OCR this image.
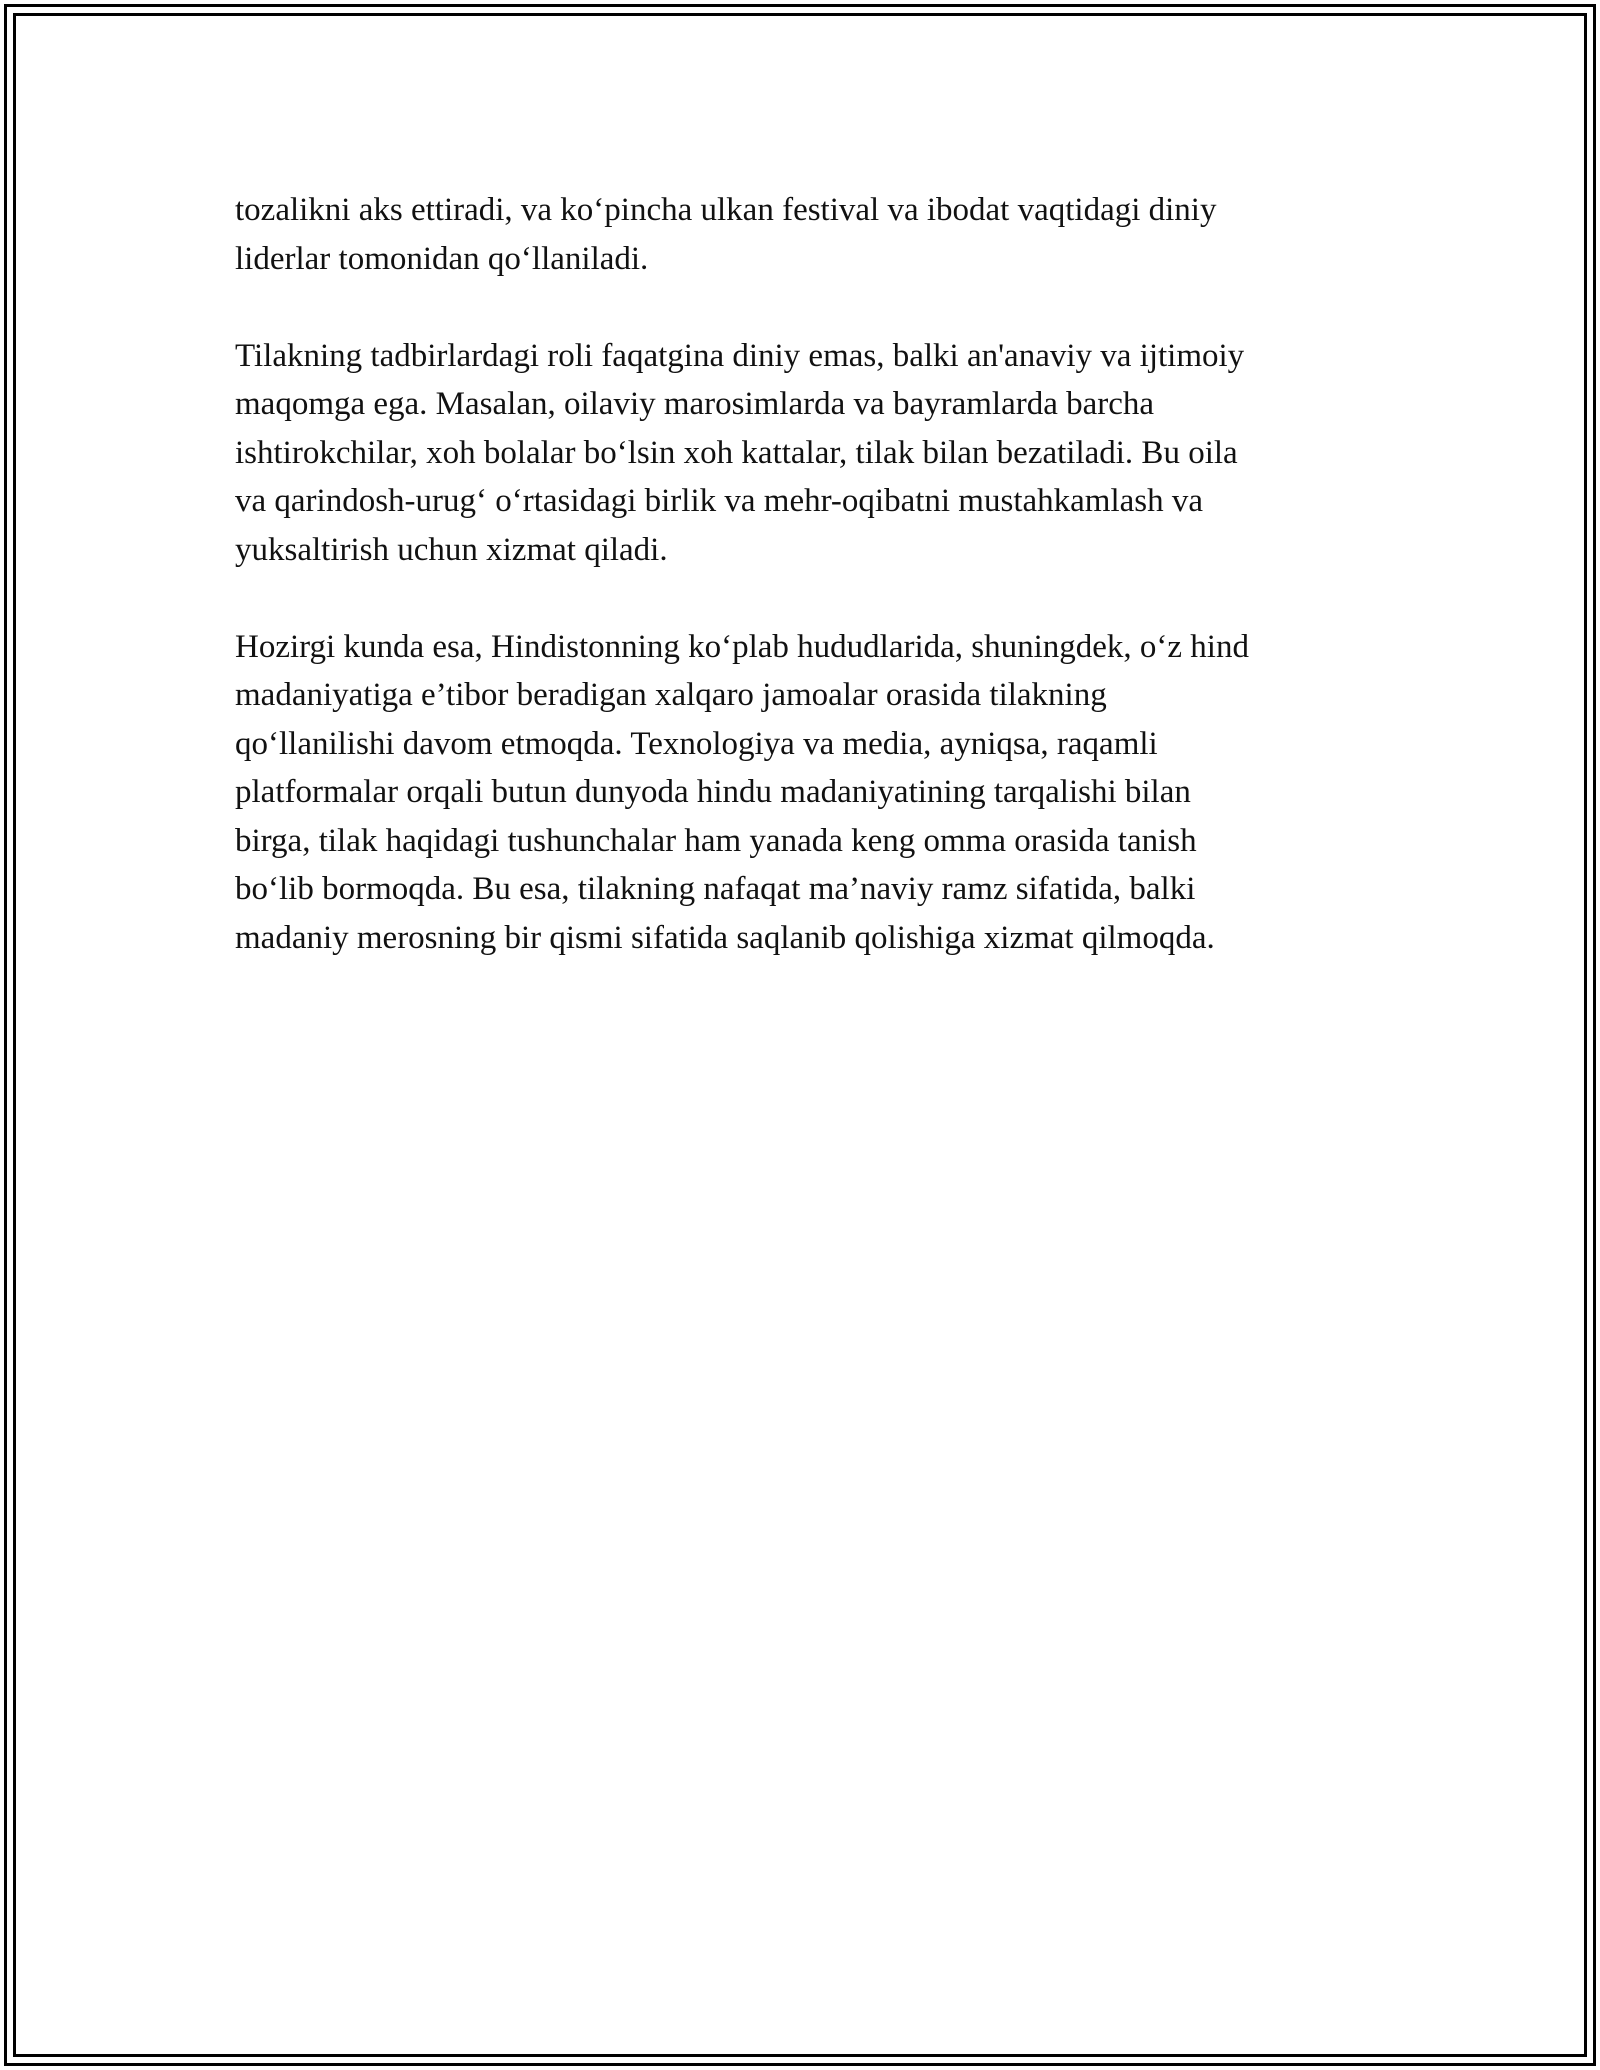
tozalikni aks ettiradi, va ko‘pincha ulkan festival va ibodat vaqtidagi diniy
liderlar tomonidan qo‘llaniladi.

Tilakning tadbirlardagi roli faqatgina diniy emas, balki an'anaviy va ijtimoiy
maqomga ega. Masalan, oilaviy marosimlarda va bayramlarda barcha
ishtirokchilar, xoh bolalar bo‘lsin xoh kattalar, tilak bilan bezatiladi. Bu oila
va qarindosh-urug‘ o‘rtasidagi birlik va mehr-oqibatni mustahkamlash va
yuksaltirish uchun xizmat qiladi.

Hozirgi kunda esa, Hindistonning ko‘plab hududlarida, shuningdek, o‘z hind
madaniyatiga e’tibor beradigan xalqaro jamoalar orasida tilakning
qo‘llanilishi davom etmoqda. Texnologiya va media, ayniqsa, raqamli
platformalar orqali butun dunyoda hindu madaniyatining tarqalishi bilan
birga, tilak haqidagi tushunchalar ham yanada keng omma orasida tanish
bo‘lib bormoqda. Bu esa, tilakning nafaqat ma’naviy ramz sifatida, balki
madaniy merosning bir qismi sifatida saqlanib qolishiga xizmat qilmoqda.
